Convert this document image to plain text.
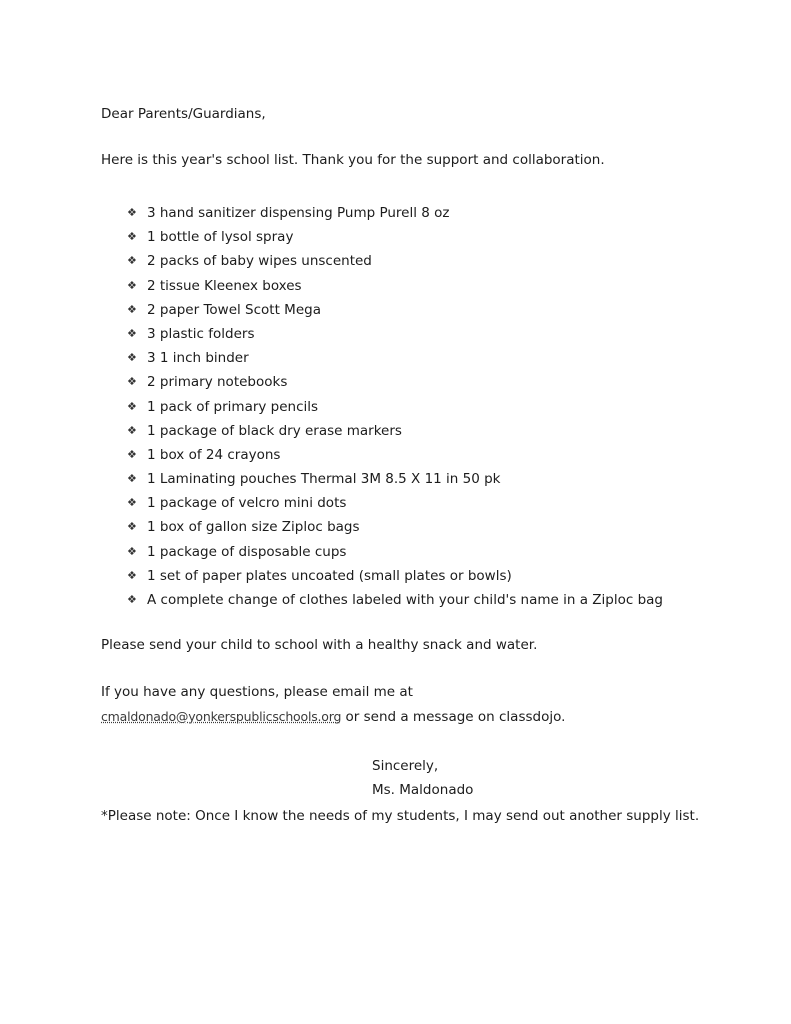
Dear Parents/Guardians,

Here is this year's school list. Thank you for the support and collaboration.

❖ 3 hand sanitizer dispensing Pump Purell 8 oz
❖ 1 bottle of lysol spray
❖ 2 packs of baby wipes unscented
❖ 2 tissue Kleenex boxes
❖ 2 paper Towel Scott Mega
❖ 3 plastic folders
❖ 3 1 inch binder
❖ 2 primary notebooks
❖ 1 pack of primary pencils
❖ 1 package of black dry erase markers
❖ 1 box of 24 crayons
❖ 1 Laminating pouches Thermal 3M 8.5 X 11 in 50 pk
❖ 1 package of velcro mini dots
❖ 1 box of gallon size Ziploc bags
❖ 1 package of disposable cups
❖ 1 set of paper plates uncoated (small plates or bowls)
❖ A complete change of clothes labeled with your child's name in a Ziploc bag

Please send your child to school with a healthy snack and water.

If you have any questions, please email me at

cmaldonado@yonkerspublicschools.org or send a message on classdojo.

Sincerely,

Ms. Maldonado

*Please note: Once I know the needs of my students, I may send out another supply list.
